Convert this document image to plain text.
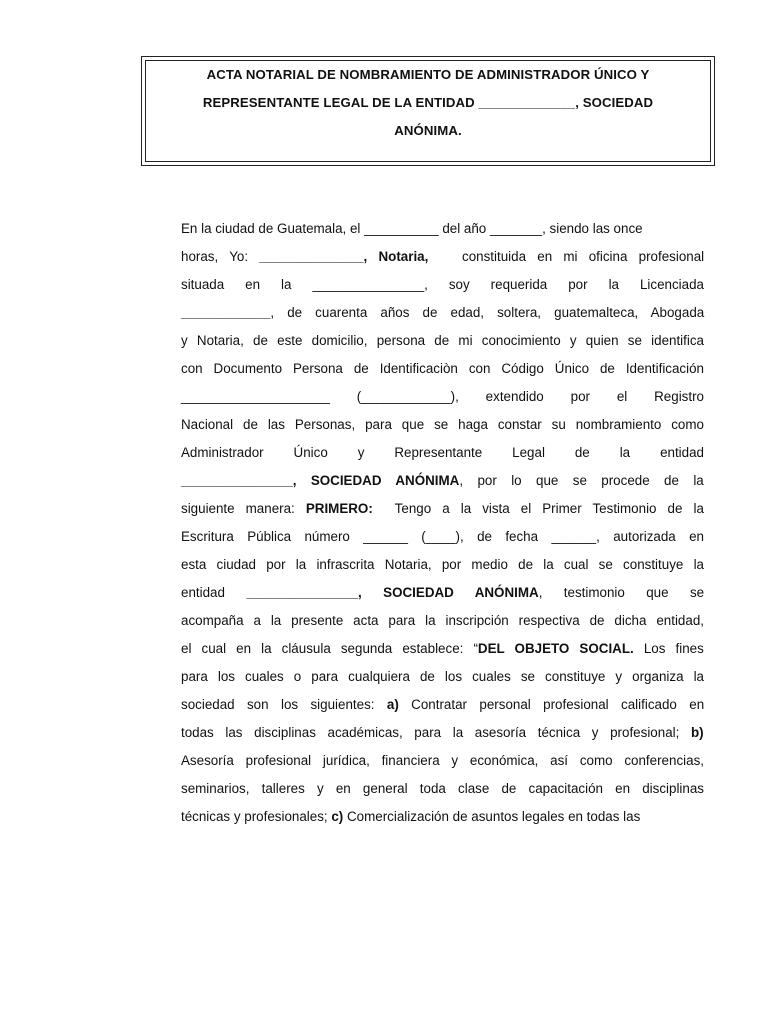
ACTA NOTARIAL DE NOMBRAMIENTO DE ADMINISTRADOR ÚNICO Y
REPRESENTANTE LEGAL DE LA ENTIDAD _____________, SOCIEDAD
ANÓNIMA.
En la ciudad de Guatemala, el __________ del año _______, siendo las once
horas, Yo: ______________, Notaria,   constituida en mi oficina profesional
situada en la _______________, soy requerida por la Licenciada
____________, de cuarenta años de edad, soltera, guatemalteca, Abogada
y Notaria, de este domicilio, persona de mi conocimiento y quien se identifica
con Documento Persona de Identificaciòn con Código Único de Identificación
____________________ (____________), extendido por el Registro
Nacional de las Personas, para que se haga constar su nombramiento como
Administrador Único y Representante Legal de la entidad
_______________, SOCIEDAD ANÓNIMA, por lo que se procede de la
siguiente manera: PRIMERO:  Tengo a la vista el Primer Testimonio de la
Escritura Pública número ______ (____), de fecha ______, autorizada en
esta ciudad por la infrascrita Notaria, por medio de la cual se constituye la
entidad _______________, SOCIEDAD ANÓNIMA, testimonio que se
acompaña a la presente acta para la inscripción respectiva de dicha entidad,
el cual en la cláusula segunda establece: “DEL OBJETO SOCIAL. Los fines
para los cuales o para cualquiera de los cuales se constituye y organiza la
sociedad son los siguientes: a) Contratar personal profesional calificado en
todas las disciplinas académicas, para la asesoría técnica y profesional; b)
Asesoría profesional jurídica, financiera y económica, así como conferencias,
seminarios, talleres y en general toda clase de capacitación en disciplinas
técnicas y profesionales; c) Comercialización de asuntos legales en todas las
